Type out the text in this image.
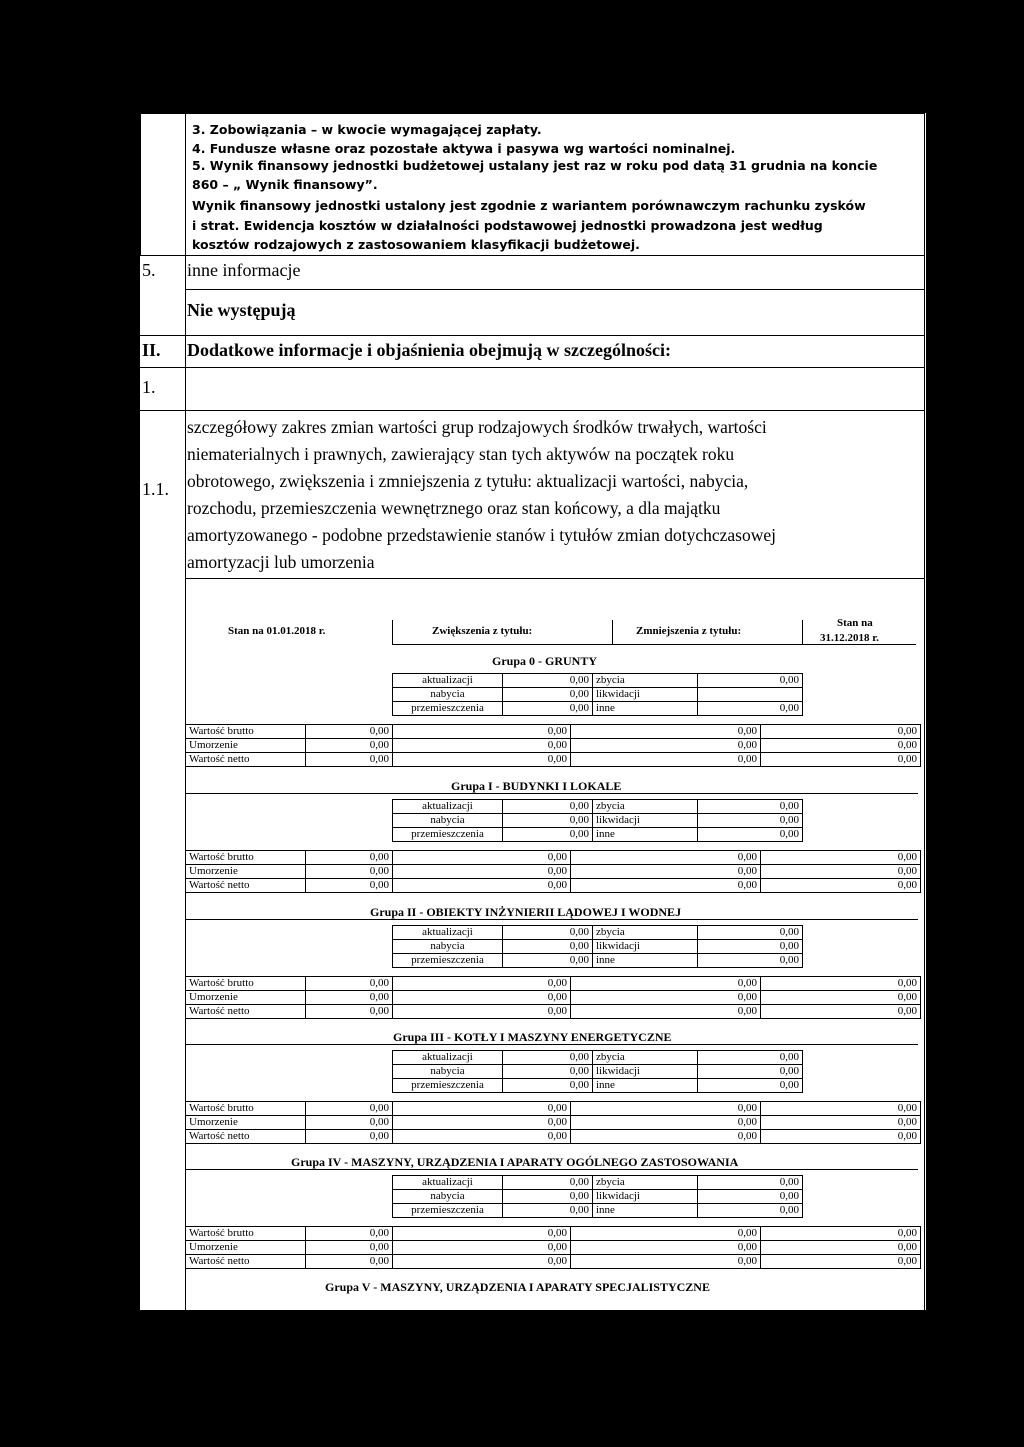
3. Zobowiązania – w kwocie wymagającej zapłaty.
4. Fundusze własne oraz pozostałe aktywa i pasywa wg wartości nominalnej.
5. Wynik finansowy jednostki budżetowej ustalany jest raz w roku pod datą 31 grudnia na koncie
860 – „ Wynik finansowy”.
Wynik finansowy jednostki ustalony jest zgodnie z wariantem porównawczym rachunku zysków
i strat. Ewidencja kosztów w działalności podstawowej jednostki prowadzona jest według
kosztów rodzajowych z zastosowaniem klasyfikacji budżetowej.
5. inne informacje
Nie występują
II. Dodatkowe informacje i objaśnienia obejmują w szczególności:
1.
1.1.
szczegółowy zakres zmian wartości grup rodzajowych środków trwałych, wartości
niematerialnych i prawnych, zawierający stan tych aktywów na początek roku
obrotowego, zwiększenia i zmniejszenia z tytułu: aktualizacji wartości, nabycia,
rozchodu, przemieszczenia wewnętrznego oraz stan końcowy, a dla majątku
amortyzowanego - podobne przedstawienie stanów i tytułów zmian dotychczasowej
amortyzacji lub umorzenia
Stan na 01.01.2018 r.	Zwiększenia z tytułu:	Zmniejszenia z tytułu:
Stan na
31.12.2018 r.
Grupa 0 - GRUNTY
Grupa I - BUDYNKI I LOKALE
Grupa II - OBIEKTY INŻYNIERII LĄDOWEJ I WODNEJ
Grupa III - KOTŁY I MASZYNY ENERGETYCZNE
Grupa IV - MASZYNY, URZĄDZENIA I APARATY OGÓLNEGO ZASTOSOWANIA
Grupa V - MASZYNY, URZĄDZENIA I APARATY SPECJALISTYCZNE
aktualizacji	0,00	zbycia	0,00
nabycia	0,00	likwidacji	
przemieszczenia	0,00	inne	0,00
Wartość brutto	0,00	0,00	0,00	0,00
Umorzenie	0,00	0,00	0,00	0,00
Wartość netto	0,00	0,00	0,00	0,00
aktualizacji	0,00	zbycia	0,00
nabycia	0,00	likwidacji	0,00
przemieszczenia	0,00	inne	0,00
Wartość brutto	0,00	0,00	0,00	0,00
Umorzenie	0,00	0,00	0,00	0,00
Wartość netto	0,00	0,00	0,00	0,00
aktualizacji	0,00	zbycia	0,00
nabycia	0,00	likwidacji	0,00
przemieszczenia	0,00	inne	0,00
Wartość brutto	0,00	0,00	0,00	0,00
Umorzenie	0,00	0,00	0,00	0,00
Wartość netto	0,00	0,00	0,00	0,00
aktualizacji	0,00	zbycia	0,00
nabycia	0,00	likwidacji	0,00
przemieszczenia	0,00	inne	0,00
Wartość brutto	0,00	0,00	0,00	0,00
Umorzenie	0,00	0,00	0,00	0,00
Wartość netto	0,00	0,00	0,00	0,00
aktualizacji	0,00	zbycia	0,00
nabycia	0,00	likwidacji	0,00
przemieszczenia	0,00	inne	0,00
Wartość brutto	0,00	0,00	0,00	0,00
Umorzenie	0,00	0,00	0,00	0,00
Wartość netto	0,00	0,00	0,00	0,00
